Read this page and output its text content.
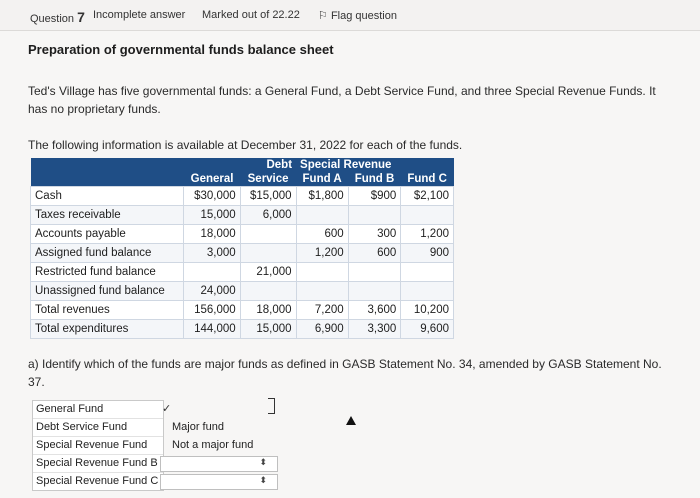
Question 7 Incomplete answer Marked out of 22.22 ⚐ Flag question
Preparation of governmental funds balance sheet
Ted's Village has five governmental funds: a General Fund, a Debt Service Fund, and three Special Revenue Funds. It has no proprietary funds.
The following information is available at December 31, 2022 for each of the funds.
		Debt	Special Revenue		
	General	Service	Fund A	Fund B	Fund C
Cash	$30,000	$15,000	$1,800	$900	$2,100
Taxes receivable	15,000	6,000			
Accounts payable	18,000		600	300	1,200
Assigned fund balance	3,000		1,200	600	900
Restricted fund balance		21,000			
Unassigned fund balance	24,000				
Total revenues	156,000	18,000	7,200	3,600	10,200
Total expenditures	144,000	15,000	6,900	3,300	9,600
a) Identify which of the funds are major funds as defined in GASB Statement No. 34, amended by GASB Statement No. 37.
General Fund
Debt Service Fund
Special Revenue Fund
Special Revenue Fund B
Special Revenue Fund C
✓
Major fund
Not a major fund
⬍
⬍
